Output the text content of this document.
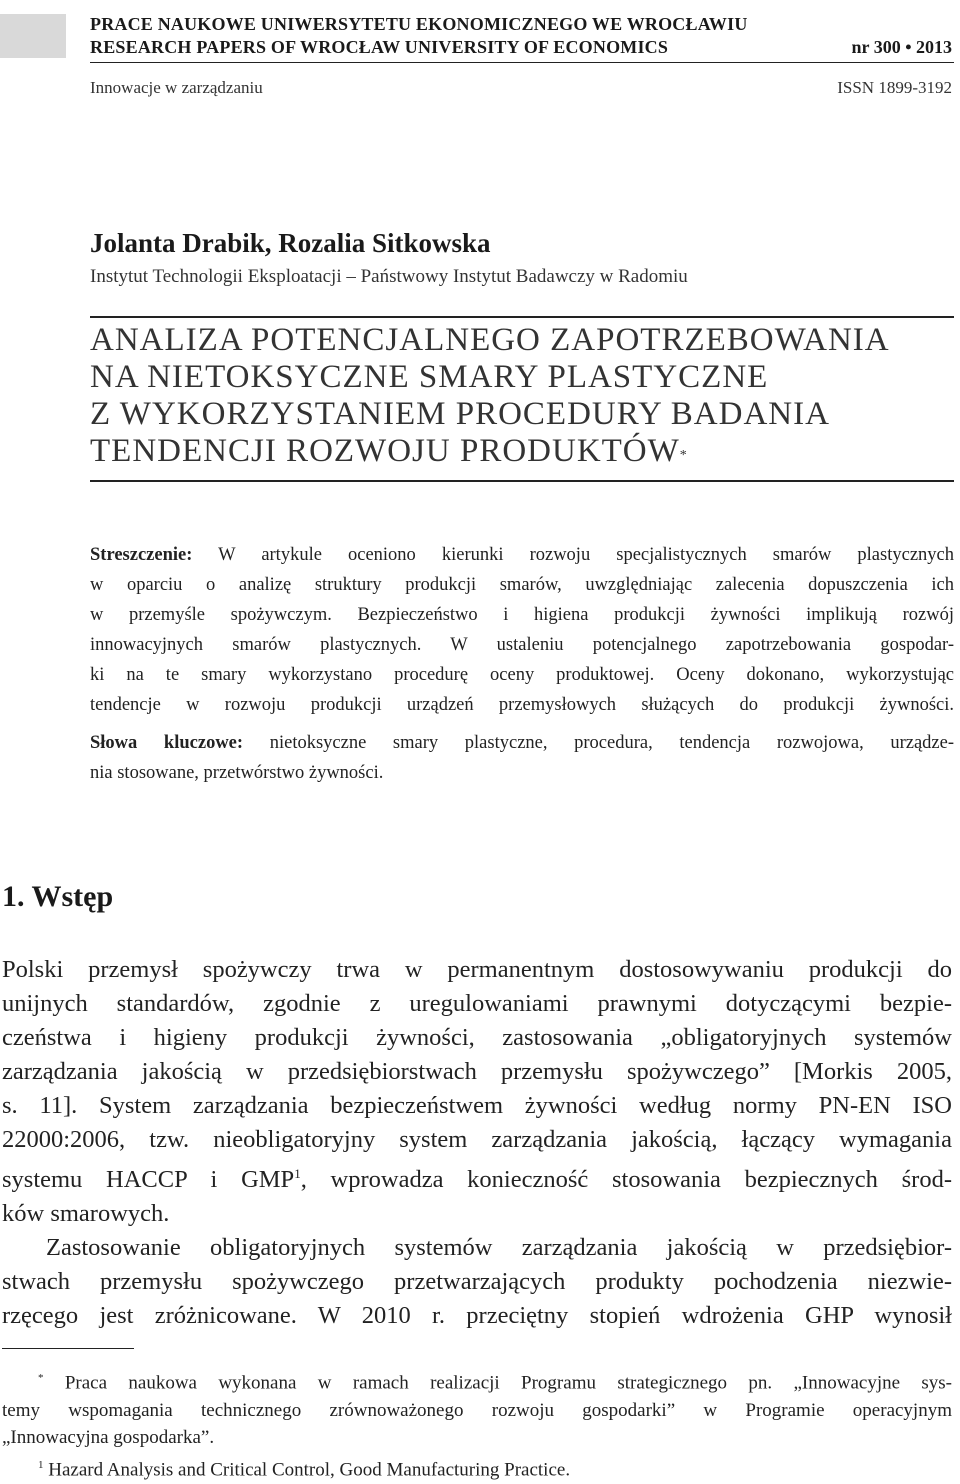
PRACE NAUKOWE UNIWERSYTETU EKONOMICZNEGO WE WROCŁAWIU
RESEARCH PAPERS OF WROCŁAW UNIVERSITY OF ECONOMICS	nr 300 • 2013
Innowacje w zarządzaniu	ISSN 1899-3192
Jolanta Drabik, Rozalia Sitkowska
Instytut Technologii Eksploatacji – Państwowy Instytut Badawczy w Radomiu
ANALIZA POTENCJALNEGO ZAPOTRZEBOWANIA
NA NIETOKSYCZNE SMARY PLASTYCZNE
Z WYKORZYSTANIEM PROCEDURY BADANIA
TENDENCJI ROZWOJU PRODUKTÓW*
Streszczenie: W artykule oceniono kierunki rozwoju specjalistycznych smarów plastycznych
w oparciu o analizę struktury produkcji smarów, uwzględniając zalecenia dopuszczenia ich
w przemyśle spożywczym. Bezpieczeństwo i higiena produkcji żywności implikują rozwój
innowacyjnych smarów plastycznych. W ustaleniu potencjalnego zapotrzebowania gospodar-
ki na te smary wykorzystano procedurę oceny produktowej. Oceny dokonano, wykorzystując
tendencje w rozwoju produkcji urządzeń przemysłowych służących do produkcji żywności.
Słowa kluczowe: nietoksyczne smary plastyczne, procedura, tendencja rozwojowa, urządze-
nia stosowane, przetwórstwo żywności.
1. Wstęp
Polski przemysł spożywczy trwa w permanentnym dostosowywaniu produkcji do
unijnych standardów, zgodnie z uregulowaniami prawnymi dotyczącymi bezpie-
czeństwa i higieny produkcji żywności, zastosowania „obligatoryjnych systemów
zarządzania jakością w przedsiębiorstwach przemysłu spożywczego” [Morkis 2005,
s. 11]. System zarządzania bezpieczeństwem żywności według normy PN-EN ISO
22000:2006, tzw. nieobligatoryjny system zarządzania jakością, łączący wymagania
systemu HACCP i GMP$^1$, wprowadza konieczność stosowania bezpiecznych środ-
ków smarowych.
Zastosowanie obligatoryjnych systemów zarządzania jakością w przedsiębior-
stwach przemysłu spożywczego przetwarzających produkty pochodzenia niezwie-
rzęcego jest zróżnicowane. W 2010 r. przeciętny stopień wdrożenia GHP wynosił
* Praca naukowa wykonana w ramach realizacji Programu strategicznego pn. „Innowacyjne sys-
temy wspomagania technicznego zrównoważonego rozwoju gospodarki” w Programie operacyjnym
„Innowacyjna gospodarka”.
$^1$ Hazard Analysis and Critical Control, Good Manufacturing Practice.
